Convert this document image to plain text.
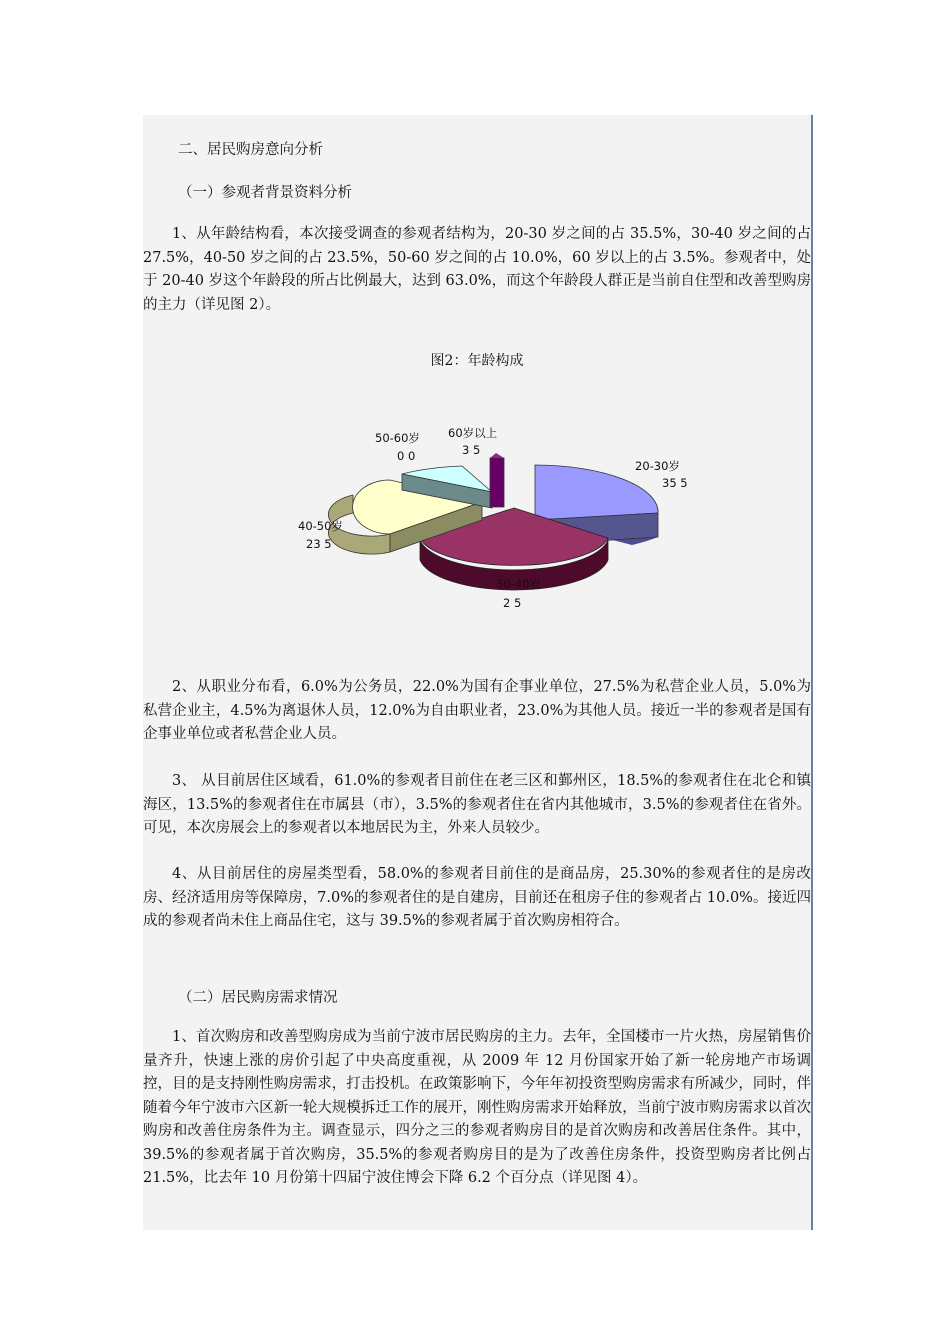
二、居民购房意向分析
（一）参观者背景资料分析

1、从年龄结构看，本次接受调查的参观者结构为，20-30 岁之间的占 35.5%，30-40 岁之间的占 27.5%，40-50 岁之间的占 23.5%，50-60 岁之间的占 10.0%，60 岁以上的占 3.5%。参观者中，处于 20-40 岁这个年龄段的所占比例最大，达到 63.0%，而这个年龄段人群正是当前自住型和改善型购房的主力（详见图 2）。

图2：年龄构成
20-30岁
35 5
30-40岁
2 5
40-50岁
23 5
50-60岁
0 0
60岁以上
3 5

2、从职业分布看，6.0%为公务员，22.0%为国有企事业单位，27.5%为私营企业人员，5.0%为私营企业主，4.5%为离退休人员，12.0%为自由职业者，23.0%为其他人员。接近一半的参观者是国有企事业单位或者私营企业人员。

3、 从目前居住区域看，61.0%的参观者目前住在老三区和鄞州区，18.5%的参观者住在北仑和镇海区，13.5%的参观者住在市属县（市），3.5%的参观者住在省内其他城市，3.5%的参观者住在省外。可见，本次房展会上的参观者以本地居民为主，外来人员较少。

4、从目前居住的房屋类型看，58.0%的参观者目前住的是商品房，25.30%的参观者住的是房改房、经济适用房等保障房，7.0%的参观者住的是自建房，目前还在租房子住的参观者占 10.0%。接近四成的参观者尚未住上商品住宅，这与 39.5%的参观者属于首次购房相符合。

（二）居民购房需求情况

1、首次购房和改善型购房成为当前宁波市居民购房的主力。去年，全国楼市一片火热，房屋销售价量齐升，快速上涨的房价引起了中央高度重视，从 2009 年 12 月份国家开始了新一轮房地产市场调控，目的是支持刚性购房需求，打击投机。在政策影响下，今年年初投资型购房需求有所减少，同时，伴随着今年宁波市六区新一轮大规模拆迁工作的展开，刚性购房需求开始释放，当前宁波市购房需求以首次购房和改善住房条件为主。调查显示，四分之三的参观者购房目的是首次购房和改善居住条件。其中，39.5%的参观者属于首次购房，35.5%的参观者购房目的是为了改善住房条件，投资型购房者比例占 21.5%，比去年 10 月份第十四届宁波住博会下降 6.2 个百分点（详见图 4）。
